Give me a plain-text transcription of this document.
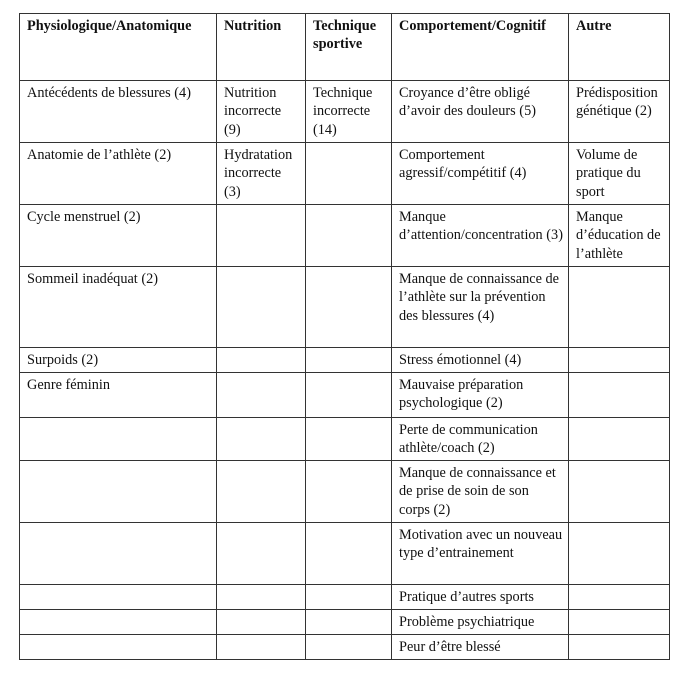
Physiologique/Anatomique	Nutrition	Technique sportive	Comportement/Cognitif	Autre
Antécédents de blessures (4)	Nutrition incorrecte (9)	Technique incorrecte (14)	Croyance d’être obligé d’avoir des douleurs (5)	Prédisposition génétique (2)
Anatomie de l’athlète (2)	Hydratation incorrecte (3)		Comportement agressif/compétitif (4)	Volume de pratique du sport
Cycle menstruel (2)			Manque d’attention/concentration (3)	Manque d’éducation de l’athlète
Sommeil inadéquat (2)			Manque de connaissance de l’athlète sur la prévention des blessures (4)	
Surpoids (2)			Stress émotionnel (4)	
Genre féminin			Mauvaise préparation psychologique (2)	
			Perte de communication athlète/coach (2)	
			Manque de connaissance et de prise de soin de son corps (2)	
			Motivation avec un nouveau type d’entrainement	
			Pratique d’autres sports	
			Problème psychiatrique	
			Peur d’être blessé	
